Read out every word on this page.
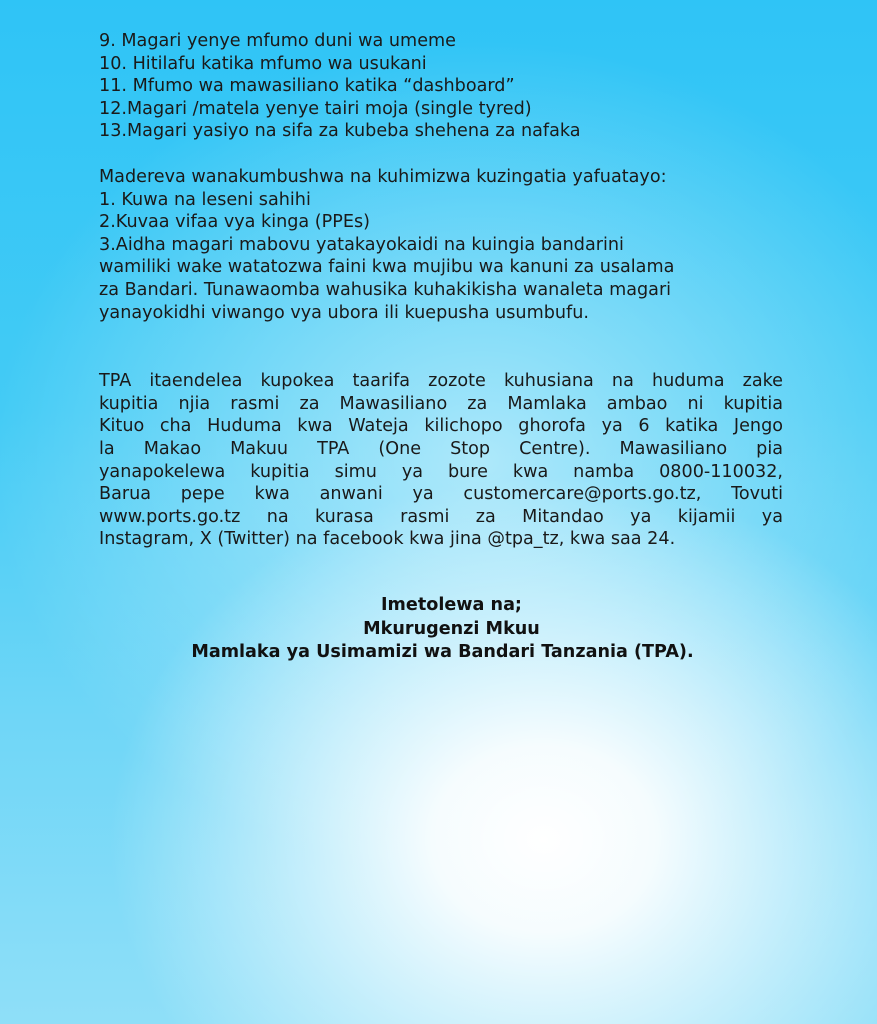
9. Magari yenye mfumo duni wa umeme
10. Hitilafu katika mfumo wa usukani
11. Mfumo wa mawasiliano katika “dashboard”
12.Magari /matela yenye tairi moja (single tyred)
13.Magari yasiyo na sifa za kubeba shehena za nafaka
Madereva wanakumbushwa na kuhimizwa kuzingatia yafuatayo:
1. Kuwa na leseni sahihi
2.Kuvaa vifaa vya kinga (PPEs)
3.Aidha magari mabovu yatakayokaidi na kuingia bandarini
wamiliki wake watatozwa faini kwa mujibu wa kanuni za usalama
za Bandari. Tunawaomba wahusika kuhakikisha wanaleta magari
yanayokidhi viwango vya ubora ili kuepusha usumbufu.
TPA itaendelea kupokea taarifa zozote kuhusiana na huduma zake
kupitia njia rasmi za Mawasiliano za Mamlaka ambao ni kupitia
Kituo cha Huduma kwa Wateja kilichopo ghorofa ya 6 katika Jengo
la Makao Makuu TPA (One Stop Centre). Mawasiliano pia
yanapokelewa kupitia simu ya bure kwa namba 0800-110032,
Barua pepe kwa anwani ya customercare@ports.go.tz, Tovuti
www.ports.go.tz na kurasa rasmi za Mitandao ya kijamii ya
Instagram, X (Twitter) na facebook kwa jina @tpa_tz, kwa saa 24.
Imetolewa na;
Mkurugenzi Mkuu
Mamlaka ya Usimamizi wa Bandari Tanzania (TPA).
